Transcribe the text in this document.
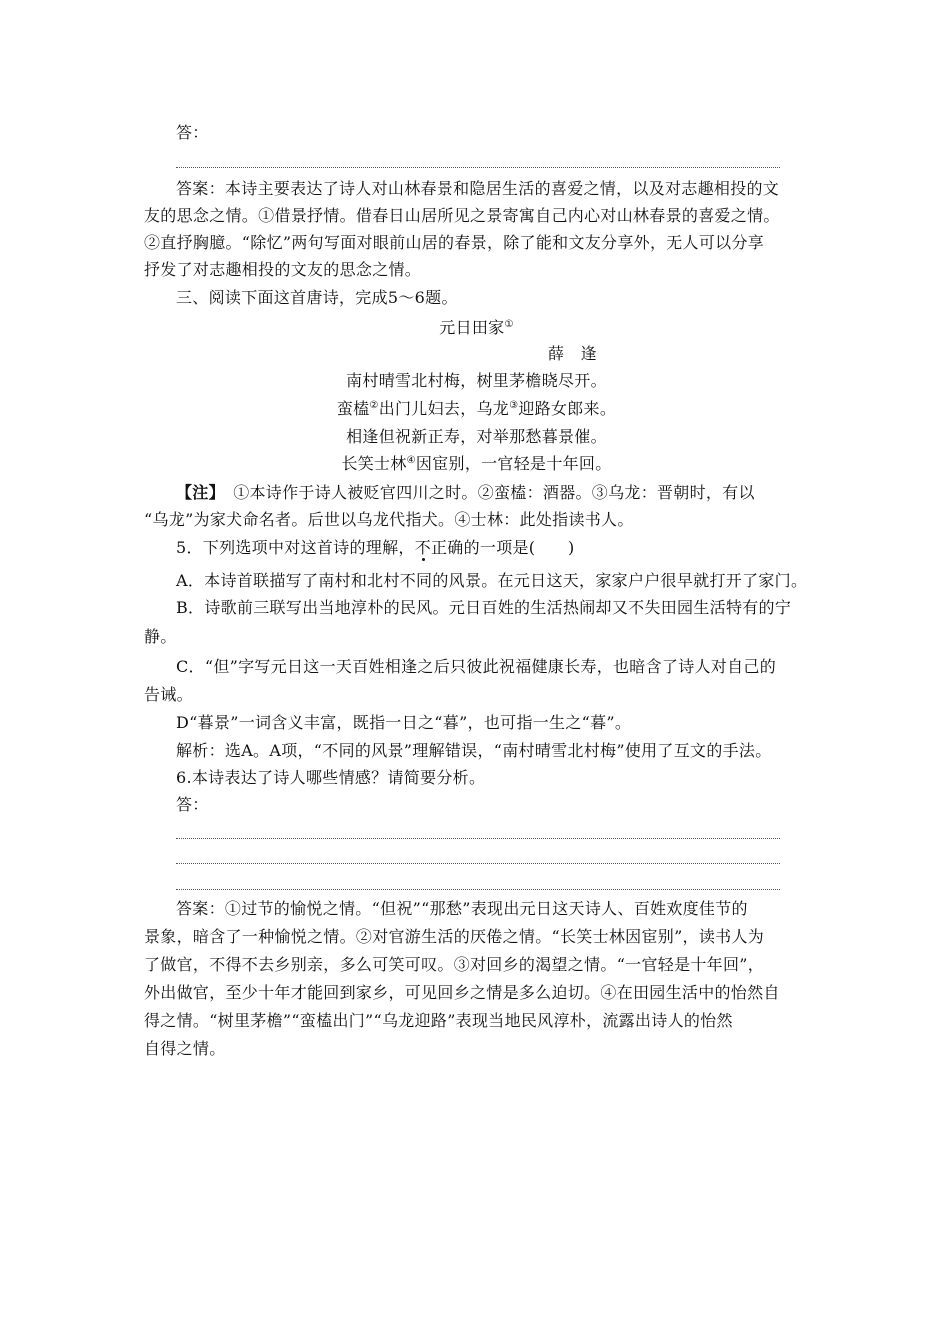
答：
答案：本诗主要表达了诗人对山林春景和隐居生活的喜爱之情，以及对志趣相投的文
友的思念之情。①借景抒情。借春日山居所见之景寄寓自己内心对山林春景的喜爱之情。
②直抒胸臆。“除忆”两句写面对眼前山居的春景，除了能和文友分享外，无人可以分享
抒发了对志趣相投的文友的思念之情。
三、阅读下面这首唐诗，完成5～6题。
元日田家①
薛　逢
南村晴雪北村梅，树里茅檐晓尽开。
蛮榼②出门儿妇去，乌龙③迎路女郎来。
相逢但祝新正寿，对举那愁暮景催。
长笑士林④因宦别，一官轻是十年回。
【注】　①本诗作于诗人被贬官四川之时。②蛮榼：酒器。③乌龙：晋朝时，有以
“乌龙”为家犬命名者。后世以乌龙代指犬。④士林：此处指读书人。
5．下列选项中对这首诗的理解，不正确的一项是(　　)
A．本诗首联描写了南村和北村不同的风景。在元日这天，家家户户很早就打开了家门。
B．诗歌前三联写出当地淳朴的民风。元日百姓的生活热闹却又不失田园生活特有的宁
静。
C．“但”字写元日这一天百姓相逢之后只彼此祝福健康长寿，也暗含了诗人对自己的
告诫。
D“暮景”一词含义丰富，既指一日之“暮”，也可指一生之“暮”。
解析：选A。A项，“不同的风景”理解错误，“南村晴雪北村梅”使用了互文的手法。
6.本诗表达了诗人哪些情感？请简要分析。
答：
答案：①过节的愉悦之情。“但祝”“那愁”表现出元日这天诗人、百姓欢度佳节的
景象，暗含了一种愉悦之情。②对官游生活的厌倦之情。“长笑士林因宦别”，读书人为
了做官，不得不去乡别亲，多么可笑可叹。③对回乡的渴望之情。“一官轻是十年回”，
外出做官，至少十年才能回到家乡，可见回乡之情是多么迫切。④在田园生活中的怡然自
得之情。“树里茅檐”“蛮榼出门”“乌龙迎路”表现当地民风淳朴，流露出诗人的怡然
自得之情。
